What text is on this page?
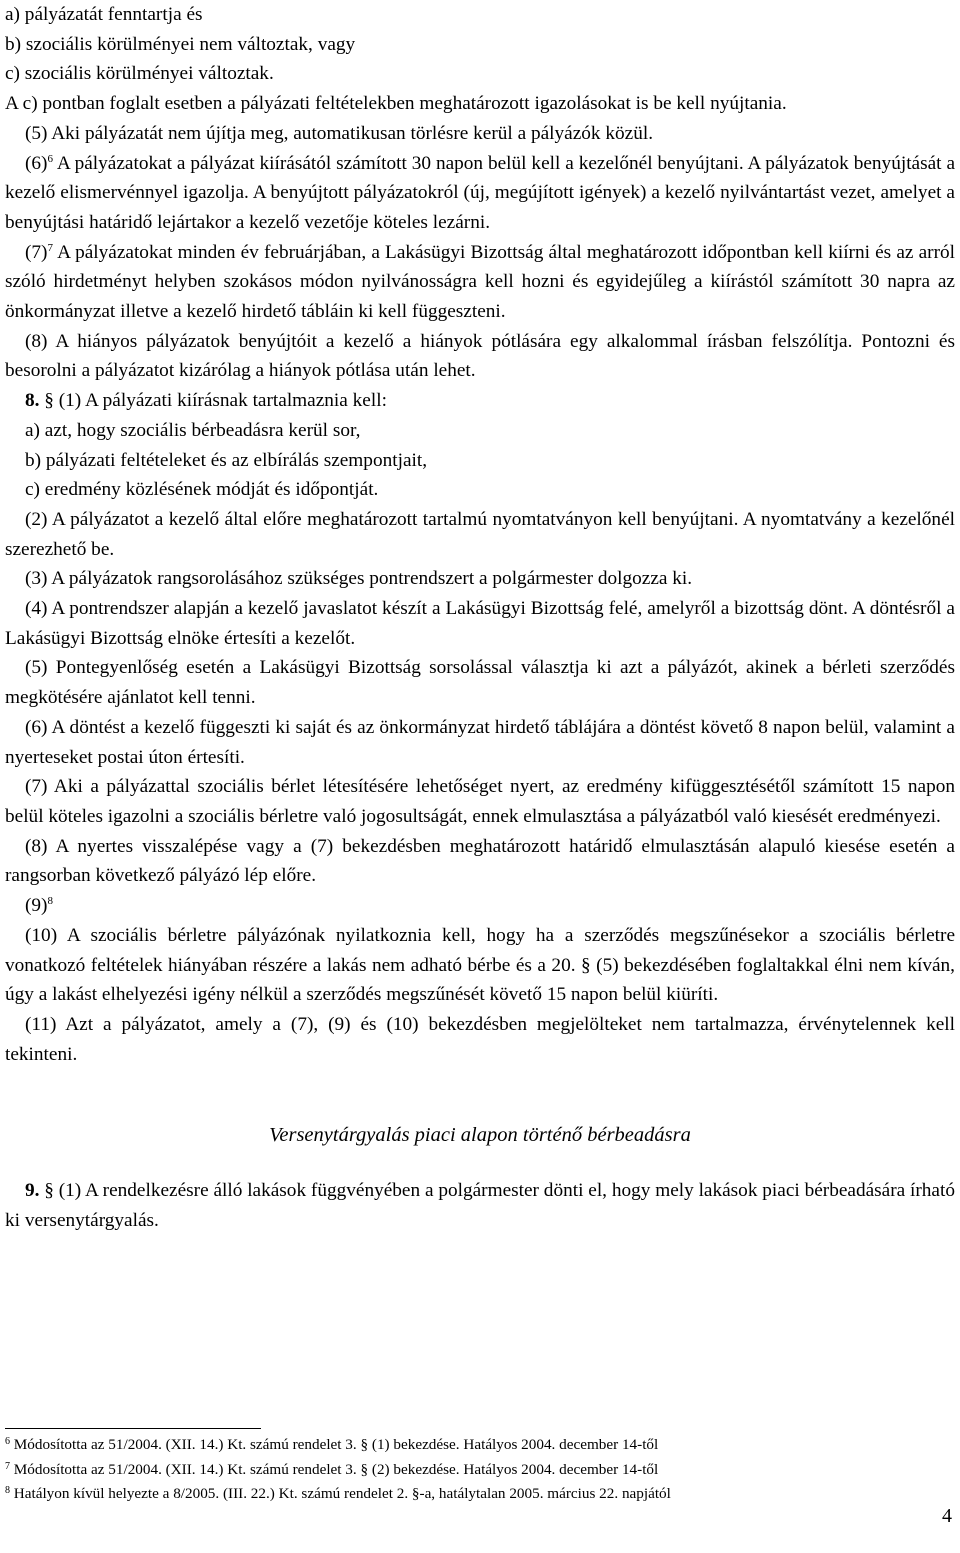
a) pályázatát fenntartja és

b) szociális körülményei nem változtak, vagy

c) szociális körülményei változtak.

A c) pontban foglalt esetben a pályázati feltételekben meghatározott igazolásokat is be kell nyújtania.

(5) Aki pályázatát nem újítja meg, automatikusan törlésre kerül a pályázók közül.

$(6)^6$ A pályázatokat a pályázat kiírásától számított 30 napon belül kell a kezelőnél benyújtani. A pályázatok benyújtását a kezelő elismervénnyel igazolja. A benyújtott pályázatokról (új, megújított igények) a kezelő nyilvántartást vezet, amelyet a benyújtási határidő lejártakor a kezelő vezetője köteles lezárni.

$(7)^7$ A pályázatokat minden év februárjában, a Lakásügyi Bizottság által meghatározott időpontban kell kiírni és az arról szóló hirdetményt helyben szokásos módon nyilvánosságra kell hozni és egyidejűleg a kiírástól számított 30 napra az önkormányzat illetve a kezelő hirdető tábláin ki kell függeszteni.

(8) A hiányos pályázatok benyújtóit a kezelő a hiányok pótlására egy alkalommal írásban felszólítja. Pontozni és besorolni a pályázatot kizárólag a hiányok pótlása után lehet.

8. § (1) A pályázati kiírásnak tartalmaznia kell:

a) azt, hogy szociális bérbeadásra kerül sor,

b) pályázati feltételeket és az elbírálás szempontjait,

c) eredmény közlésének módját és időpontját.

(2) A pályázatot a kezelő által előre meghatározott tartalmú nyomtatványon kell benyújtani. A nyomtatvány a kezelőnél szerezhető be.

(3) A pályázatok rangsorolásához szükséges pontrendszert a polgármester dolgozza ki.

(4) A pontrendszer alapján a kezelő javaslatot készít a Lakásügyi Bizottság felé, amelyről a bizottság dönt. A döntésről a Lakásügyi Bizottság elnöke értesíti a kezelőt.

(5) Pontegyenlőség esetén a Lakásügyi Bizottság sorsolással választja ki azt a pályázót, akinek a bérleti szerződés megkötésére ajánlatot kell tenni.

(6) A döntést a kezelő függeszti ki saját és az önkormányzat hirdető táblájára a döntést követő 8 napon belül, valamint a nyerteseket postai úton értesíti.

(7) Aki a pályázattal szociális bérlet létesítésére lehetőséget nyert, az eredmény kifüggesztésétől számított 15 napon belül köteles igazolni a szociális bérletre való jogosultságát, ennek elmulasztása a pályázatból való kiesését eredményezi.

(8) A nyertes visszalépése vagy a (7) bekezdésben meghatározott határidő elmulasztásán alapuló kiesése esetén a rangsorban következő pályázó lép előre.

$(9)^8$

(10) A szociális bérletre pályázónak nyilatkoznia kell, hogy ha a szerződés megszűnésekor a szociális bérletre vonatkozó feltételek hiányában részére a lakás nem adható bérbe és a 20. § (5) bekezdésében foglaltakkal élni nem kíván, úgy a lakást elhelyezési igény nélkül a szerződés megszűnését követő 15 napon belül kiüríti.

(11) Azt a pályázatot, amely a (7), (9) és (10) bekezdésben megjelölteket nem tartalmazza, érvénytelennek kell tekinteni.

Versenytárgyalás piaci alapon történő bérbeadásra

9. § (1) A rendelkezésre álló lakások függvényében a polgármester dönti el, hogy mely lakások piaci bérbeadására írható ki versenytárgyalás.

$^6$ Módosította az 51/2004. (XII. 14.) Kt. számú rendelet 3. § (1) bekezdése. Hatályos 2004. december 14-től
$^7$ Módosította az 51/2004. (XII. 14.) Kt. számú rendelet 3. § (2) bekezdése. Hatályos 2004. december 14-től
$^8$ Hatályon kívül helyezte a 8/2005. (III. 22.) Kt. számú rendelet 2. §-a, hatálytalan 2005. március 22. napjától
4
